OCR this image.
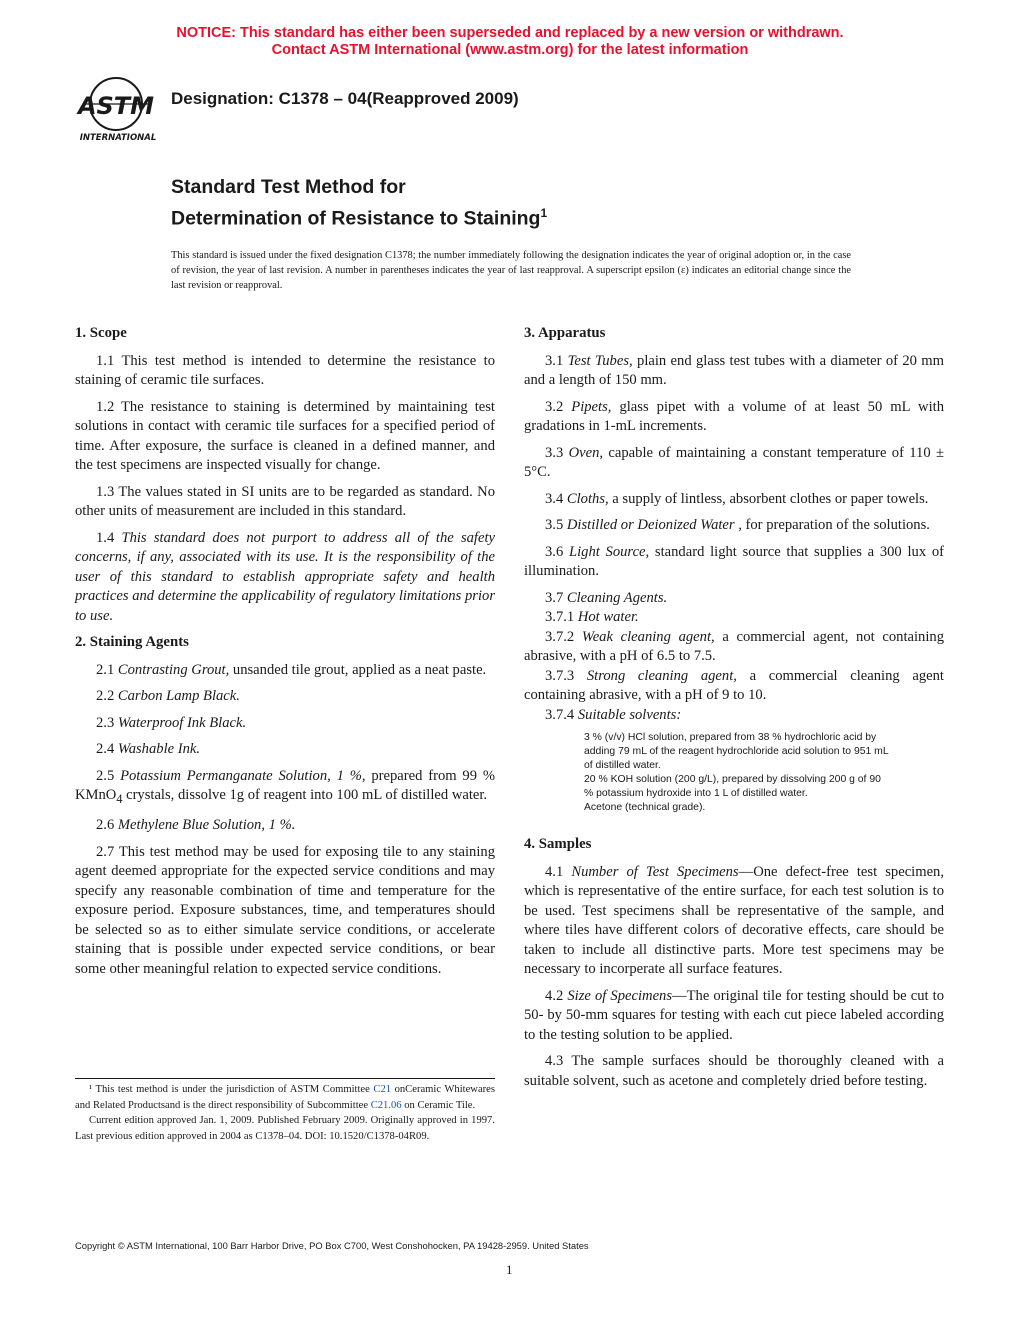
NOTICE: This standard has either been superseded and replaced by a new version or withdrawn.
Contact ASTM International (www.astm.org) for the latest information
ASTM
INTERNATIONAL
Designation: C1378 – 04(Reapproved 2009)
Standard Test Method for
Determination of Resistance to Staining$^1$
This standard is issued under the fixed designation C1378; the number immediately following the designation indicates the year of original adoption or, in the case of revision, the year of last revision. A number in parentheses indicates the year of last reapproval. A superscript epsilon (ε) indicates an editorial change since the last revision or reapproval.
1. Scope

1.1 This test method is intended to determine the resistance to staining of ceramic tile surfaces.

1.2 The resistance to staining is determined by maintaining test solutions in contact with ceramic tile surfaces for a specified period of time. After exposure, the surface is cleaned in a defined manner, and the test specimens are inspected visually for change.

1.3 The values stated in SI units are to be regarded as standard. No other units of measurement are included in this standard.

1.4 This standard does not purport to address all of the safety concerns, if any, associated with its use. It is the responsibility of the user of this standard to establish appropriate safety and health practices and determine the applicability of regulatory limitations prior to use.

2. Staining Agents

2.1 Contrasting Grout, unsanded tile grout, applied as a neat paste.

2.2 Carbon Lamp Black.

2.3 Waterproof Ink Black.

2.4 Washable Ink.

2.5 Potassium Permanganate Solution, 1 %, prepared from 99 % KMnO$_4$ crystals, dissolve 1g of reagent into 100 mL of distilled water.

2.6 Methylene Blue Solution, 1 %.

2.7 This test method may be used for exposing tile to any staining agent deemed appropriate for the expected service conditions and may specify any reasonable combination of time and temperature for the exposure period. Exposure substances, time, and temperatures should be selected so as to either simulate service conditions, or accelerate staining that is possible under expected service conditions, or bear some other meaningful relation to expected service conditions.

3. Apparatus

3.1 Test Tubes, plain end glass test tubes with a diameter of 20 mm and a length of 150 mm.

3.2 Pipets, glass pipet with a volume of at least 50 mL with gradations in 1-mL increments.

3.3 Oven, capable of maintaining a constant temperature of 110 ± 5°C.

3.4 Cloths, a supply of lintless, absorbent clothes or paper towels.

3.5 Distilled or Deionized Water , for preparation of the solutions.

3.6 Light Source, standard light source that supplies a 300 lux of illumination.

3.7 Cleaning Agents.

3.7.1 Hot water.

3.7.2 Weak cleaning agent, a commercial agent, not containing abrasive, with a pH of 6.5 to 7.5.

3.7.3 Strong cleaning agent, a commercial cleaning agent containing abrasive, with a pH of 9 to 10.

3.7.4 Suitable solvents:

3 % (v/v) HCl solution, prepared from 38 % hydrochloric acid by adding 79 mL of the reagent hydrochloride acid solution to 951 mL of distilled water.
20 % KOH solution (200 g/L), prepared by dissolving 200 g of 90 % potassium hydroxide into 1 L of distilled water.
Acetone (technical grade).
4. Samples

4.1 Number of Test Specimens—One defect-free test specimen, which is representative of the entire surface, for each test solution is to be used. Test specimens shall be representative of the sample, and where tiles have different colors of decorative effects, care should be taken to include all distinctive parts. More test specimens may be necessary to incorperate all surface features.

4.2 Size of Specimens—The original tile for testing should be cut to 50- by 50-mm squares for testing with each cut piece labeled according to the testing solution to be applied.

4.3 The sample surfaces should be thoroughly cleaned with a suitable solvent, such as acetone and completely dried before testing.

¹ This test method is under the jurisdiction of ASTM Committee C21 onCeramic Whitewares and Related Productsand is the direct responsibility of Subcommittee C21.06 on Ceramic Tile.

Current edition approved Jan. 1, 2009. Published February 2009. Originally approved in 1997. Last previous edition approved in 2004 as C1378–04. DOI: 10.1520/C1378-04R09.

Copyright © ASTM International, 100 Barr Harbor Drive, PO Box C700, West Conshohocken, PA 19428-2959. United States
1
